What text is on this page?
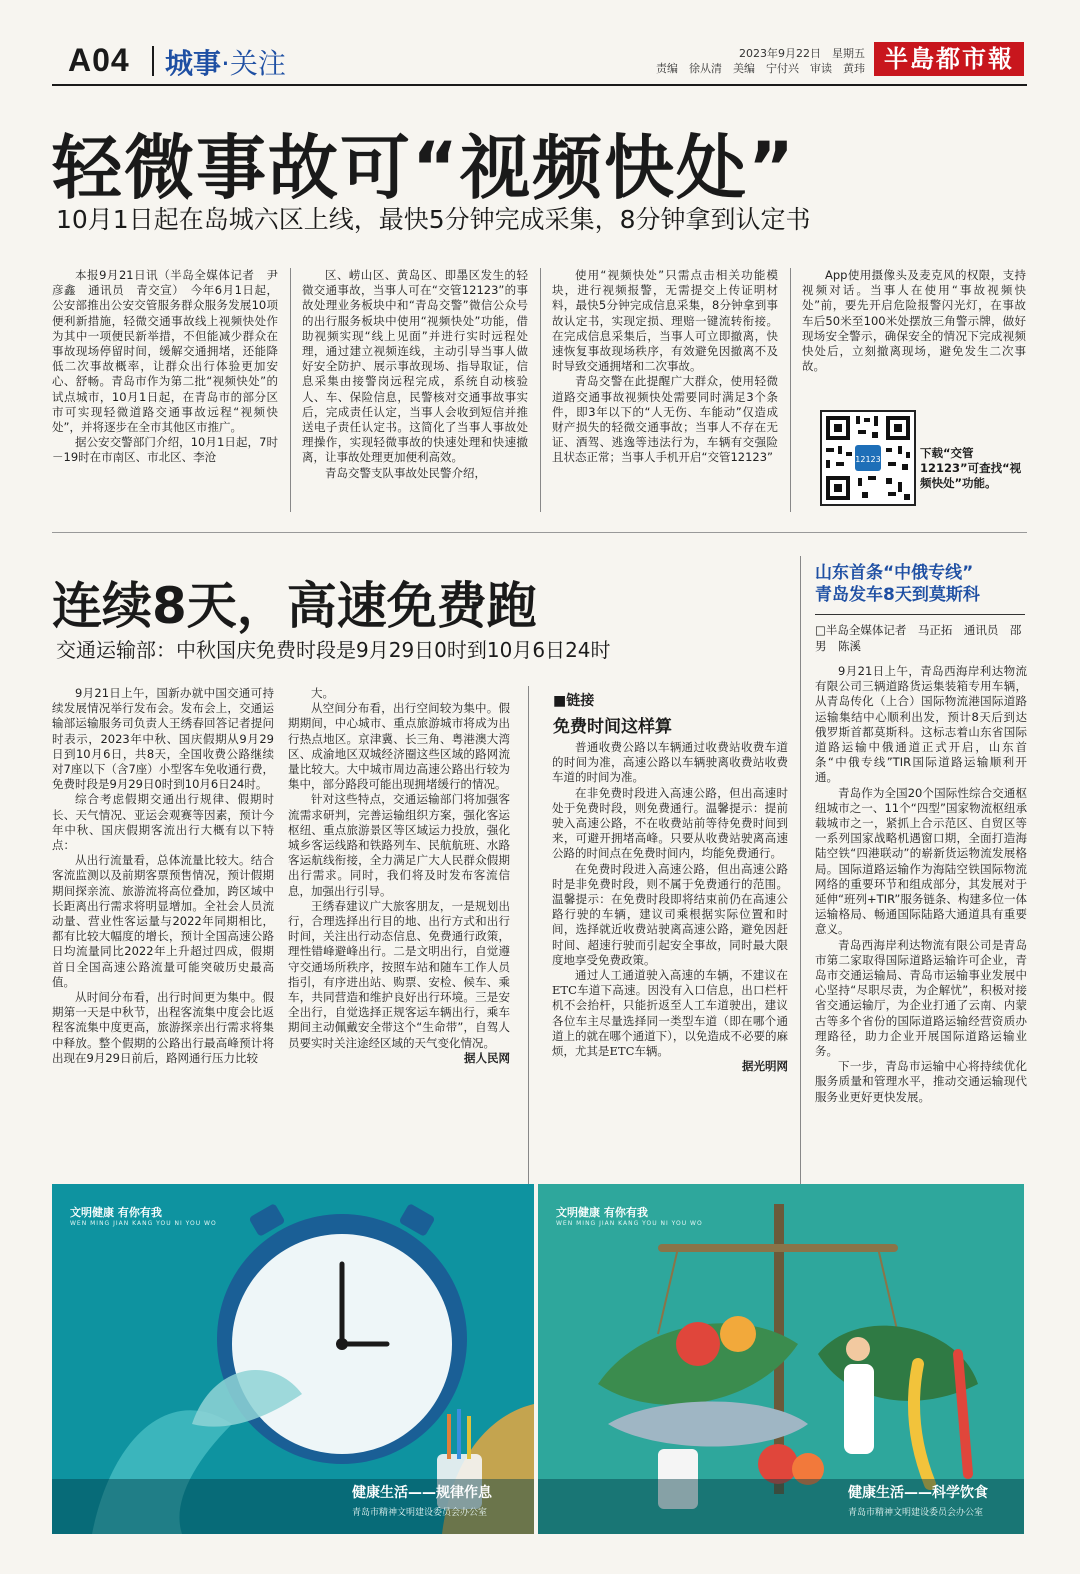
A04 城事·关注	2023年9月22日　星期五
责编　徐从清　美编　宁付兴　审读　黄玮 半島都市報
轻微事故可“视频快处”
10月1日起在岛城六区上线，最快5分钟完成采集，8分钟拿到认定书

本报9月21日讯（半岛全媒体记者　尹彦鑫　通讯员　青交宣）　今年6月1日起，公安部推出公安交管服务群众服务发展10项便利新措施，轻微交通事故线上视频快处作为其中一项便民新举措，不但能减少群众在事故现场停留时间，缓解交通拥堵，还能降低二次事故概率，让群众出行体验更加安心、舒畅。青岛市作为第二批“视频快处”的试点城市，10月1日起，在青岛市的部分区市可实现轻微道路交通事故远程“视频快处”，并将逐步在全市其他区市推广。

据公安交警部门介绍，10月1日起，7时－19时在市南区、市北区、李沧

区、崂山区、黄岛区、即墨区发生的轻微交通事故，当事人可在“交管12123”的事故处理业务板块中和“青岛交警”微信公众号的出行服务板块中使用“视频快处”功能，借助视频实现“线上见面”并进行实时远程处理，通过建立视频连线，主动引导当事人做好安全防护、展示事故现场、指导取证，信息采集由接警岗远程完成，系统自动核验人、车、保险信息，民警核对交通事故事实后，完成责任认定，当事人会收到短信并推送电子责任认定书。这简化了当事人事故处理操作，实现轻微事故的快速处理和快速撤离，让事故处理更加便利高效。

青岛交警支队事故处民警介绍，

使用“视频快处”只需点击相关功能模块，进行视频报警，无需提交上传证明材料，最快5分钟完成信息采集，8分钟拿到事故认定书，实现定损、理赔一键流转衔接。在完成信息采集后，当事人可立即撤离，快速恢复事故现场秩序，有效避免因撤离不及时导致交通拥堵和二次事故。

青岛交警在此提醒广大群众，使用轻微道路交通事故视频快处需要同时满足3个条件，即3年以下的“人无伤、车能动”仅造成财产损失的轻微交通事故；当事人不存在无证、酒驾、逃逸等违法行为，车辆有交强险且状态正常；当事人手机开启“交管12123”

App使用摄像头及麦克风的权限，支持视频对话。当事人在使用“事故视频快处”前，要先开启危险报警闪光灯，在事故车后50米至100米处摆放三角警示牌，做好现场安全警示，确保安全的情况下完成视频快处后，立刻撤离现场，避免发生二次事故。

12123	下载“交管12123”可查找“视频快处”功能。
连续8天，高速免费跑
交通运输部：中秋国庆免费时段是9月29日0时到10月6日24时

9月21日上午，国新办就中国交通可持续发展情况举行发布会。发布会上，交通运输部运输服务司负责人王绣春回答记者提问时表示，2023年中秋、国庆假期从9月29日到10月6日，共8天，全国收费公路继续对7座以下（含7座）小型客车免收通行费，免费时段是9月29日0时到10月6日24时。

综合考虑假期交通出行规律、假期时长、天气情况、亚运会观赛等因素，预计今年中秋、国庆假期客流出行大概有以下特点：

从出行流量看，总体流量比较大。结合客流监测以及前期客票预售情况，预计假期期间探亲流、旅游流将高位叠加，跨区域中长距离出行需求将明显增加。全社会人员流动量、营业性客运量与2022年同期相比，都有比较大幅度的增长，预计全国高速公路日均流量同比2022年上升超过四成，假期首日全国高速公路流量可能突破历史最高值。

从时间分布看，出行时间更为集中。假期第一天是中秋节，出程客流集中度会比返程客流集中度更高，旅游探亲出行需求将集中释放。整个假期的公路出行最高峰预计将出现在9月29日前后，路网通行压力比较

大。

从空间分布看，出行空间较为集中。假期期间，中心城市、重点旅游城市将成为出行热点地区。京津冀、长三角、粤港澳大湾区、成渝地区双城经济圈这些区域的路网流量比较大。大中城市周边高速公路出行较为集中，部分路段可能出现拥堵缓行的情况。

针对这些特点，交通运输部门将加强客流需求研判，完善运输组织方案，强化客运枢纽、重点旅游景区等区域运力投放，强化城乡客运线路和铁路列车、民航航班、水路客运航线衔接，全力满足广大人民群众假期出行需求。同时，我们将及时发布客流信息，加强出行引导。

王绣春建议广大旅客朋友，一是规划出行，合理选择出行目的地、出行方式和出行时间，关注出行动态信息、免费通行政策，理性错峰避峰出行。二是文明出行，自觉遵守交通场所秩序，按照车站和随车工作人员指引，有序进出站、购票、安检、候车、乘车，共同营造和维护良好出行环境。三是安全出行，自觉选择正规客运车辆出行，乘车期间主动佩戴安全带这个“生命带”，自驾人员要实时关注途经区域的天气变化情况。

据人民网

■链接
免费时间这样算

普通收费公路以车辆通过收费站收费车道的时间为准，高速公路以车辆驶离收费站收费车道的时间为准。

在非免费时段进入高速公路，但出高速时处于免费时段，则免费通行。温馨提示：提前驶入高速公路，不在收费站前等待免费时间到来，可避开拥堵高峰。只要从收费站驶离高速公路的时间点在免费时间内，均能免费通行。

在免费时段进入高速公路，但出高速公路时是非免费时段，则不属于免费通行的范围。温馨提示：在免费时段即将结束前仍在高速公路行驶的车辆，建议司乘根据实际位置和时间，选择就近收费站驶离高速公路，避免因赶时间、超速行驶而引起安全事故，同时最大限度地享受免费政策。

通过人工通道驶入高速的车辆，不建议在ETC车道下高速。因没有入口信息，出口栏杆机不会抬杆，只能折返至人工车道驶出，建议各位车主尽量选择同一类型车道（即在哪个通道上的就在哪个通道下），以免造成不必要的麻烦，尤其是ETC车辆。

据光明网

山东首条“中俄专线”
青岛发车8天到莫斯科
□半岛全媒体记者　马正拓　通讯员　邵男　陈溪

9月21日上午，青岛西海岸利达物流有限公司三辆道路货运集装箱专用车辆，从青岛传化（上合）国际物流港国际道路运输集结中心顺利出发，预计8天后到达俄罗斯首都莫斯科。这标志着山东省国际道路运输中俄通道正式开启，山东首条“中俄专线”TIR国际道路运输顺利开通。

青岛作为全国20个国际性综合交通枢纽城市之一、11个“四型”国家物流枢纽承载城市之一，紧抓上合示范区、自贸区等一系列国家战略机遇窗口期，全面打造海陆空铁“四港联动”的崭新货运物流发展格局。国际道路运输作为海陆空铁国际物流网络的重要环节和组成部分，其发展对于延伸“班列+TIR”服务链条、构建多位一体运输格局、畅通国际陆路大通道具有重要意义。

青岛西海岸利达物流有限公司是青岛市第二家取得国际道路运输许可企业，青岛市交通运输局、青岛市运输事业发展中心坚持“尽职尽责，为企解忧”，积极对接省交通运输厅，为企业打通了云南、内蒙古等多个省份的国际道路运输经营资质办理路径，助力企业开展国际道路运输业务。

下一步，青岛市运输中心将持续优化服务质量和管理水平，推动交通运输现代服务业更好更快发展。

文明健康 有你有我
WEN MING JIAN KANG YOU NI YOU WO
健康生活——规律作息
青岛市精神文明建设委员会办公室
文明健康 有你有我
WEN MING JIAN KANG YOU NI YOU WO
健康生活——科学饮食
青岛市精神文明建设委员会办公室
